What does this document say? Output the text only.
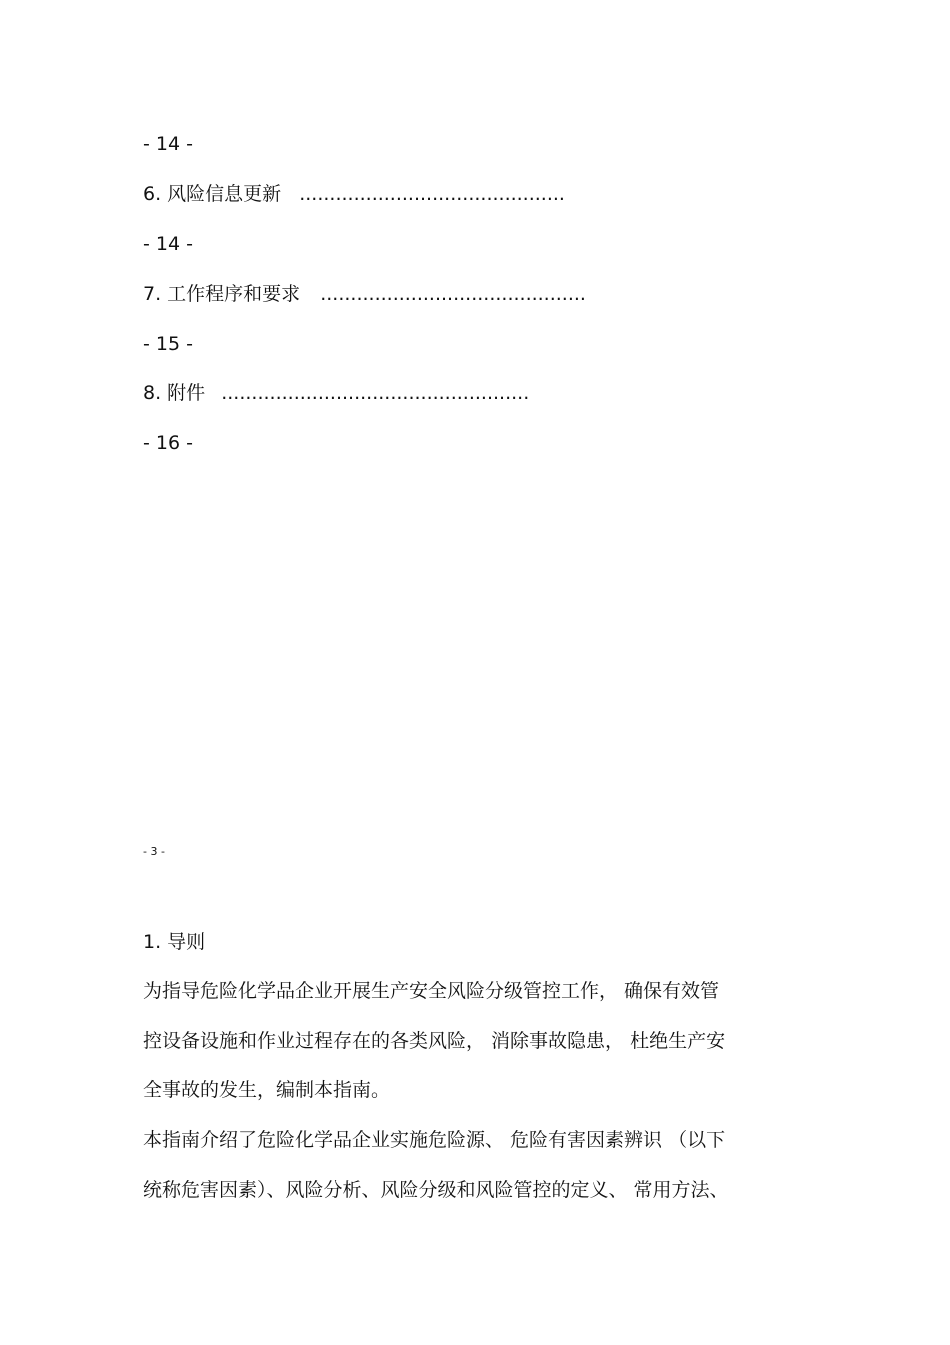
- 14 -
6. 风险信息更新 ............................................
- 14 -
7. 工作程序和要求 ............................................
- 15 -
8. 附件 ...................................................
- 16 -
- 3 -
1. 导则
为指导危险化学品企业开展生产安全风险分级管控工作， 确保有效管
控设备设施和作业过程存在的各类风险， 消除事故隐患， 杜绝生产安
全事故的发生，编制本指南。
本指南介绍了危险化学品企业实施危险源、 危险有害因素辨识 （以下
统称危害因素）、风险分析、风险分级和风险管控的定义、 常用方法、
